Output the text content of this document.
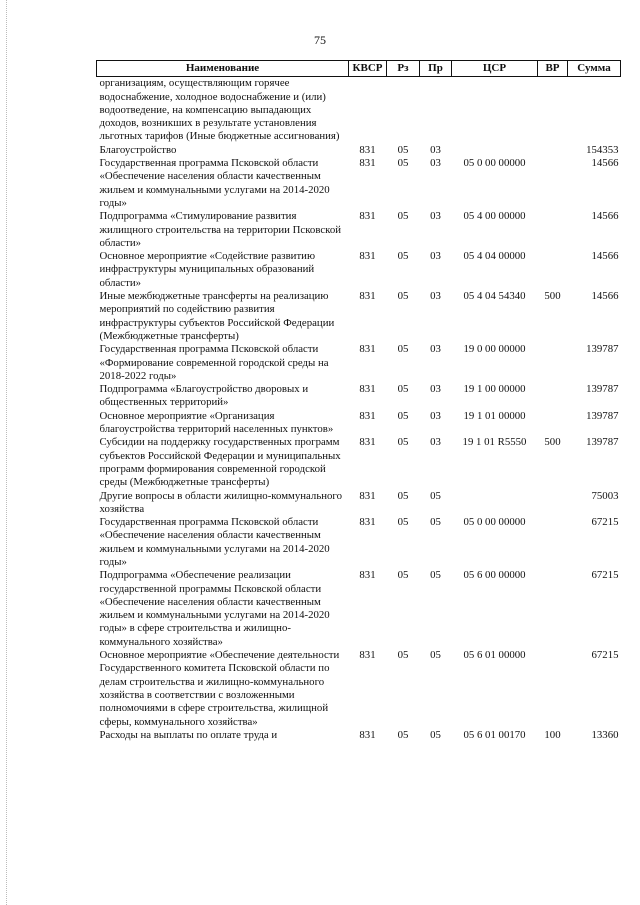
75
Наименование	КВСР	Рз	Пр	ЦСР	ВР	Сумма
организациям, осуществляющим горячее водоснабжение, холодное водоснабжение и (или) водоотведение, на компенсацию выпадающих доходов, возникших в результате установления льготных тарифов (Иные бюджетные ассигнования)						
Благоустройство	831	05	03			154353
Государственная программа Псковской области «Обеспечение населения области качественным жильем и коммунальными услугами на 2014-2020 годы»	831	05	03	05 0 00 00000		14566
Подпрограмма «Стимулирование развития жилищного строительства на территории Псковской области»	831	05	03	05 4 00 00000		14566
Основное мероприятие «Содействие развитию инфраструктуры муниципальных образований области»	831	05	03	05 4 04 00000		14566
Иные межбюджетные трансферты на реализацию мероприятий по содействию развития инфраструктуры субъектов Российской Федерации (Межбюджетные трансферты)	831	05	03	05 4 04 54340	500	14566
Государственная программа Псковской области «Формирование современной городской среды на 2018-2022 годы»	831	05	03	19 0 00 00000		139787
Подпрограмма «Благоустройство дворовых и общественных территорий»	831	05	03	19 1 00 00000		139787
Основное мероприятие «Организация благоустройства территорий населенных пунктов»	831	05	03	19 1 01 00000		139787
Субсидии на поддержку государственных программ субъектов Российской Федерации и муниципальных программ формирования современной городской среды (Межбюджетные трансферты)	831	05	03	19 1 01 R5550	500	139787
Другие вопросы в области жилищно-коммунального хозяйства	831	05	05			75003
Государственная программа Псковской области «Обеспечение населения области качественным жильем и коммунальными услугами на 2014-2020 годы»	831	05	05	05 0 00 00000		67215
Подпрограмма «Обеспечение реализации государственной программы Псковской области «Обеспечение населения области качественным жильем и коммунальными услугами на 2014-2020 годы» в сфере строительства и жилищно-коммунального хозяйства»	831	05	05	05 6 00 00000		67215
Основное мероприятие «Обеспечение деятельности Государственного комитета Псковской области по делам строительства и жилищно-коммунального хозяйства в соответствии с возложенными полномочиями в сфере строительства, жилищной сферы, коммунального хозяйства»	831	05	05	05 6 01 00000		67215
Расходы на выплаты по оплате труда и	831	05	05	05 6 01 00170	100	13360
